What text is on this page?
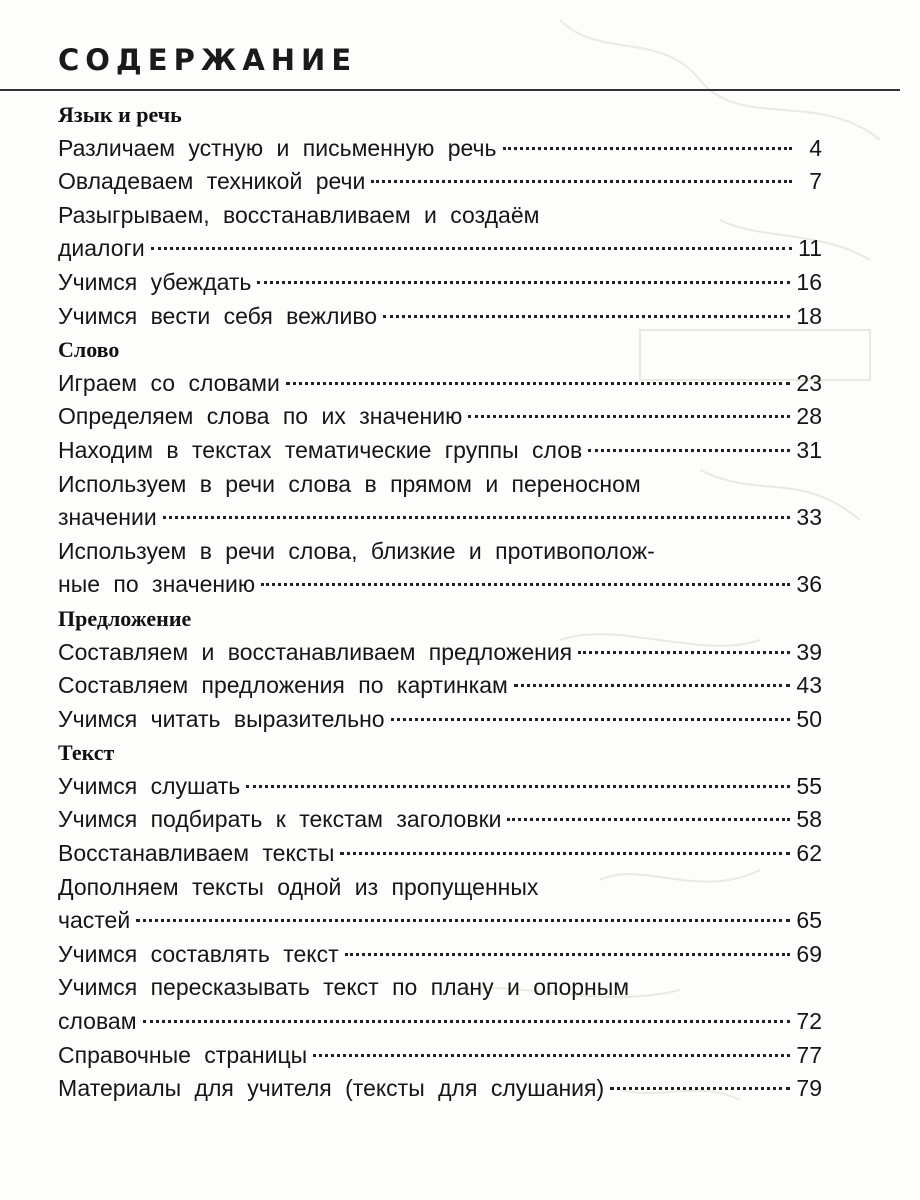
СОДЕРЖАНИЕ
Язык и речь
Различаем устную и письменную речь	4
Овладеваем техникой речи	7
Разыгрываем, восстанавливаем и создаём
диалоги	11
Учимся убеждать	16
Учимся вести себя вежливо	18
Слово
Играем со словами	23
Определяем слова по их значению	28
Находим в текстах тематические группы слов	31
Используем в речи слова в прямом и переносном
значении	33
Используем в речи слова, близкие и противополож-
ные по значению	36
Предложение
Составляем и восстанавливаем предложения	39
Составляем предложения по картинкам	43
Учимся читать выразительно	50
Текст
Учимся слушать	55
Учимся подбирать к текстам заголовки	58
Восстанавливаем тексты	62
Дополняем тексты одной из пропущенных
частей	65
Учимся составлять текст	69
Учимся пересказывать текст по плану и опорным
словам	72
Справочные страницы	77
Материалы для учителя (тексты для слушания)	79
